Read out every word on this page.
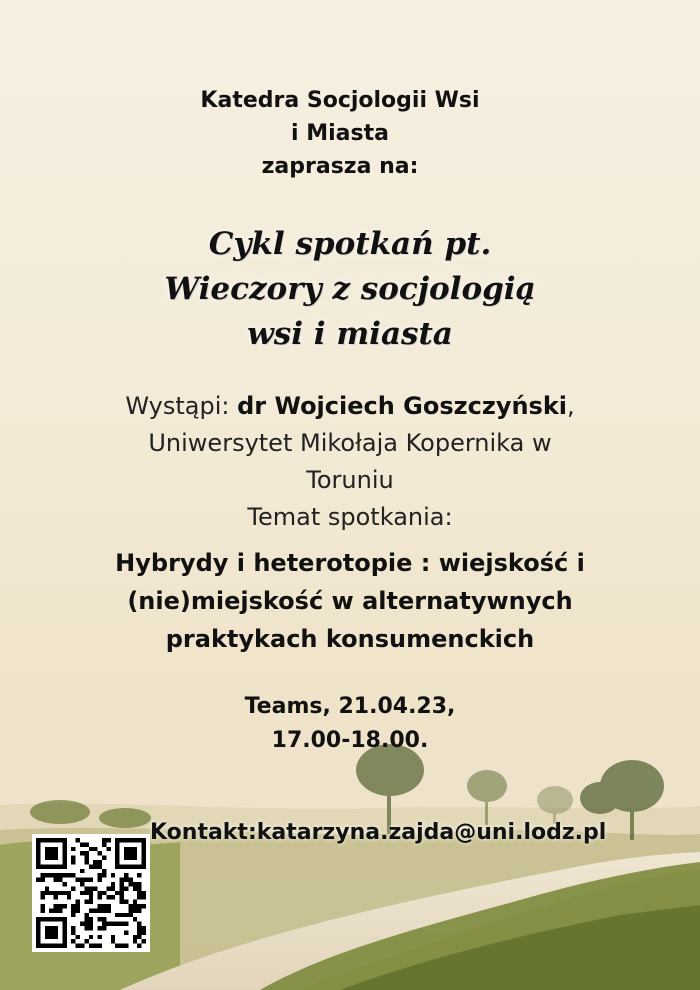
Katedra Socjologii Wsi
i Miasta
zaprasza na:
Cykl spotkań pt.
Wieczory z socjologią
wsi i miasta
Wystąpi: dr Wojciech Goszczyński,
Uniwersytet Mikołaja Kopernika w
Toruniu
Temat spotkania:
Hybrydy i heterotopie : wiejskość i
(nie)miejskość w alternatywnych
praktykach konsumenckich
Teams, 21.04.23,
17.00-18.00.
Kontakt:katarzyna.zajda@uni.lodz.pl
